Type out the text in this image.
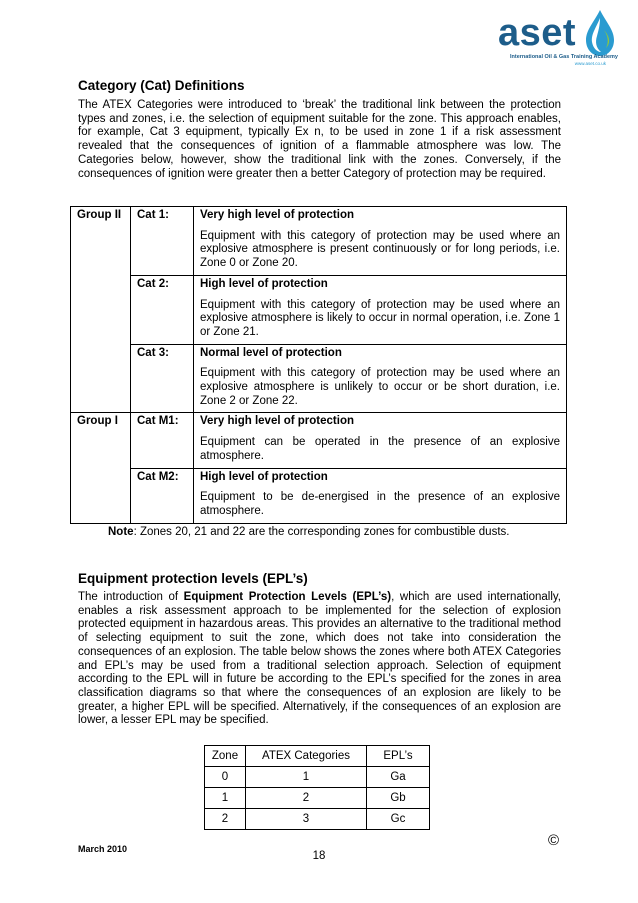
aset
International Oil & Gas Training Academy
www.aset.co.uk
Category (Cat) Definitions

The ATEX Categories were introduced to ‘break’ the traditional link between the protection types and zones, i.e. the selection of equipment suitable for the zone. This approach enables, for example, Cat 3 equipment, typically Ex n, to be used in zone 1 if a risk assessment revealed that the consequences of ignition of a flammable atmosphere was low. The Categories below, however, show the traditional link with the zones. Conversely, if the consequences of ignition were greater then a better Category of protection may be required.

Group II	Cat 1:	Very high level of protection
Equipment with this category of protection may be used where an explosive atmosphere is present continuously or for long periods, i.e. Zone 0 or Zone 20.

	Cat 2:	High level of protection
Equipment with this category of protection may be used where an explosive atmosphere is likely to occur in normal operation, i.e. Zone 1 or Zone 21.

	Cat 3:	Normal level of protection
Equipment with this category of protection may be used where an explosive atmosphere is unlikely to occur or be short duration, i.e. Zone 2 or Zone 22.

Group I	Cat M1:	Very high level of protection
Equipment can be operated in the presence of an explosive atmosphere.

	Cat M2:	High level of protection
Equipment to be de-energised in the presence of an explosive atmosphere.
Note: Zones 20, 21 and 22 are the corresponding zones for combustible dusts.
Equipment protection levels (EPL’s)

The introduction of Equipment Protection Levels (EPL’s), which are used internationally, enables a risk assessment approach to be implemented for the selection of explosion protected equipment in hazardous areas. This provides an alternative to the traditional method of selecting equipment to suit the zone, which does not take into consideration the consequences of an explosion. The table below shows the zones where both ATEX Categories and EPL’s may be used from a traditional selection approach. Selection of equipment according to the EPL will in future be according to the EPL’s specified for the zones in area classification diagrams so that where the consequences of an explosion are likely to be greater, a higher EPL will be specified. Alternatively, if the consequences of an explosion are lower, a lesser EPL may be specified.

Zone	ATEX Categories	EPL’s
0	1	Ga
1	2	Gb
2	3	Gc
March 2010	©
18
